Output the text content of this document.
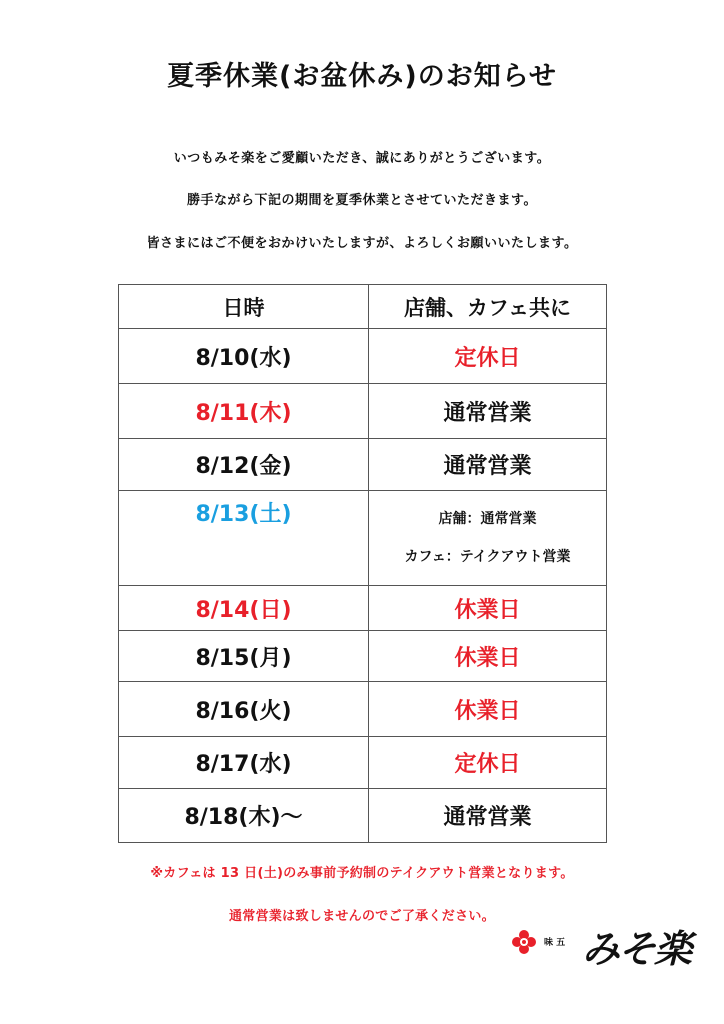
夏季休業(お盆休み)のお知らせ
いつもみそ楽をご愛顧いただき、誠にありがとうございます。
勝手ながら下記の期間を夏季休業とさせていただきます。
皆さまにはご不便をおかけいたしますが、よろしくお願いいたします。
日時	店舗、カフェ共に
8/10(水)	定休日
8/11(木)	通常営業
8/12(金)	通常営業
8/13(土)	店舗：通常営業
カフェ：テイクアウト営業

8/14(日)	休業日
8/15(月)	休業日
8/16(火)	休業日
8/17(水)	定休日
8/18(木)～	通常営業
※カフェは 13 日(土)のみ事前予約制のテイクアウト営業となります。
通常営業は致しませんのでご了承ください。
味 五 みそ楽
